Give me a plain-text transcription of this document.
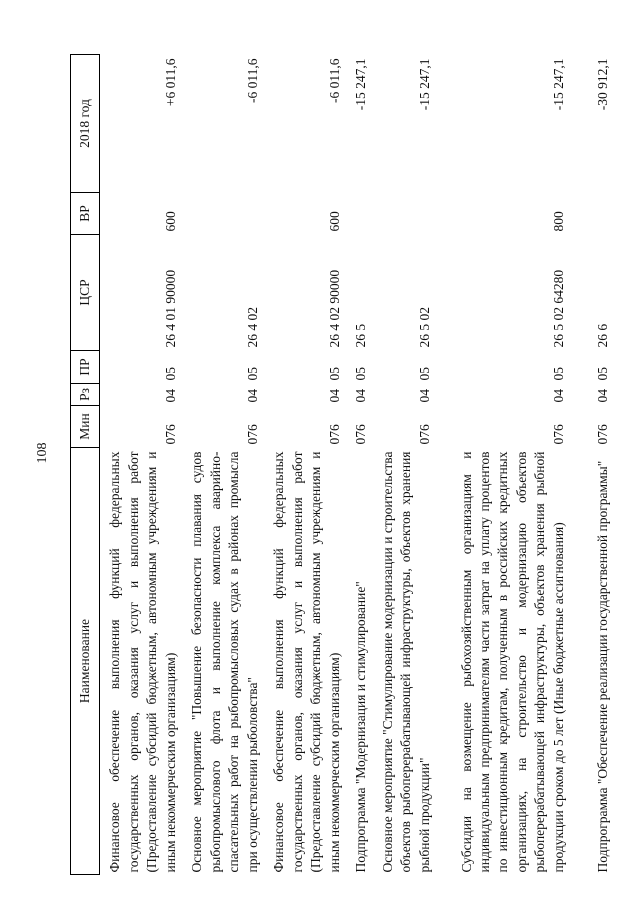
108
Наименование	Мин	Рз	ПР	ЦСР	ВР	2018 год
Финансовое обеспечение выполнения функций федеральных государственных органов, оказания услуг и выполнения работ (Предоставление субсидий бюджетным, автономным учреждениям и иным некоммерческим организациям)	076	04	05	26 4 01 90000	600	+6 011,6
Основное мероприятие "Повышение безопасности плавания судов рыбопромыслового флота и выполнение комплекса аварийно-спасательных работ на рыбопромысловых судах в районах промысла при осуществлении рыболовства"	076	04	05	26 4 02		-6 011,6
Финансовое обеспечение выполнения функций федеральных государственных органов, оказания услуг и выполнения работ (Предоставление субсидий бюджетным, автономным учреждениям и иным некоммерческим организациям)	076	04	05	26 4 02 90000	600	-6 011,6
Подпрограмма "Модернизация и стимулирование"	076	04	05	26 5		-15 247,1
Основное мероприятие "Стимулирование модернизации и строительства объектов рыбоперерабатывающей инфраструктуры, объектов хранения рыбной продукции"	076	04	05	26 5 02		-15 247,1
Субсидии на возмещение рыбохозяйственным организациям и индивидуальным предпринимателям части затрат на уплату процентов по инвестиционным кредитам, полученным в российских кредитных организациях, на строительство и модернизацию объектов рыбоперерабатывающей инфраструктуры, объектов хранения рыбной продукции сроком до 5 лет (Иные бюджетные ассигнования)	076	04	05	26 5 02 64280	800	-15 247,1
Подпрограмма "Обеспечение реализации государственной программы"	076	04	05	26 6		-30 912,1
